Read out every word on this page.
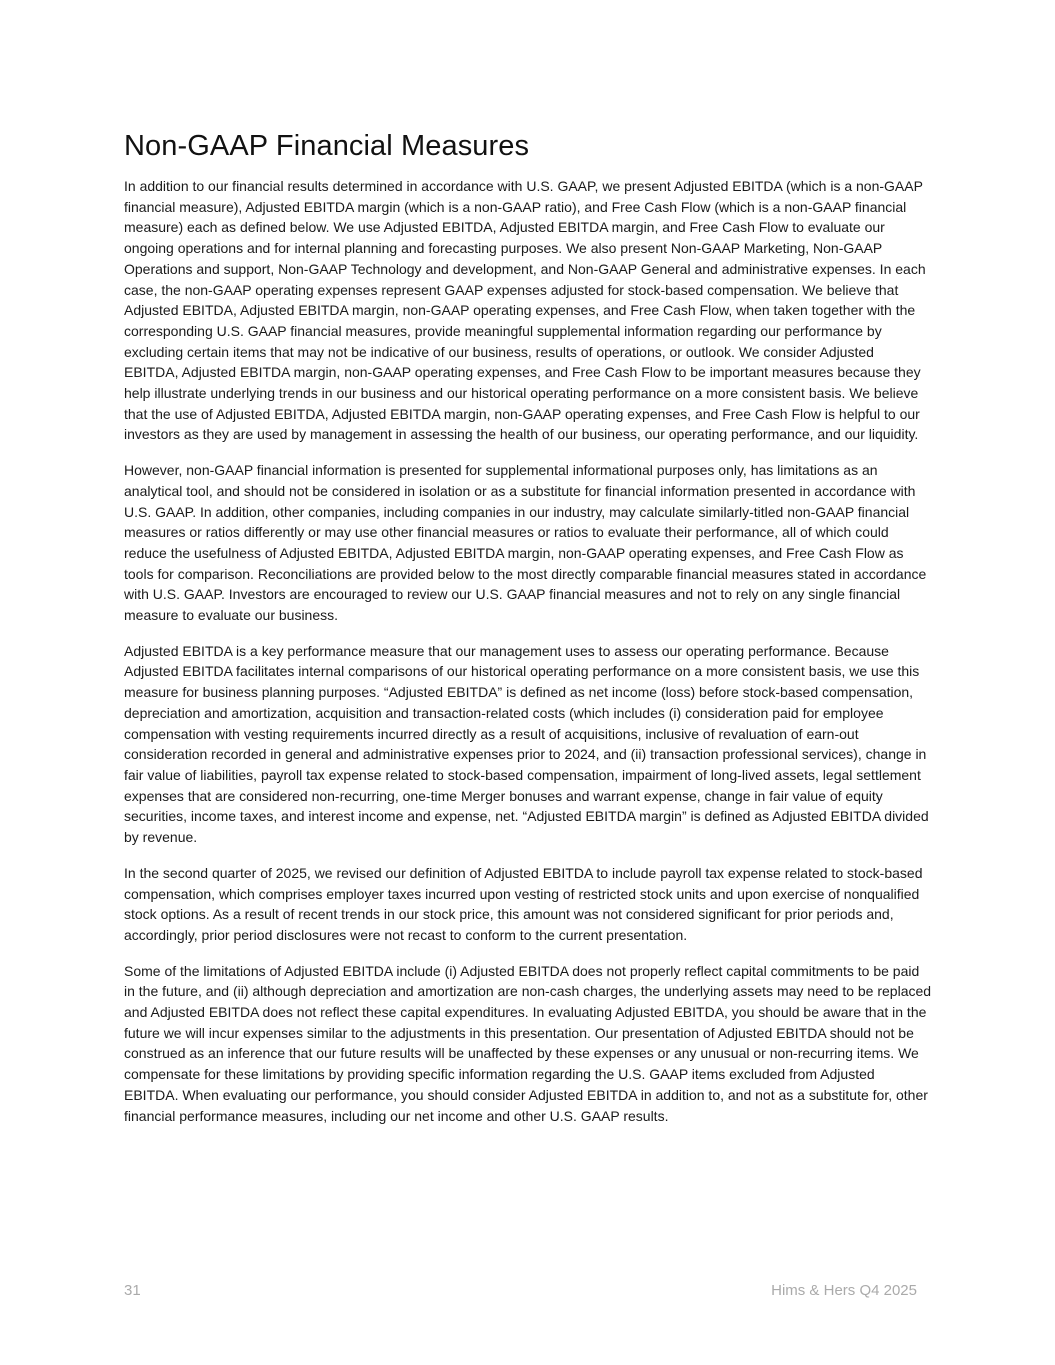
Non-GAAP Financial Measures

In addition to our financial results determined in accordance with U.S. GAAP, we present Adjusted EBITDA (which is a non-GAAP financial measure), Adjusted EBITDA margin (which is a non-GAAP ratio), and Free Cash Flow (which is a non-GAAP financial measure) each as defined below. We use Adjusted EBITDA, Adjusted EBITDA margin, and Free Cash Flow to evaluate our ongoing operations and for internal planning and forecasting purposes. We also present Non-GAAP Marketing, Non-GAAP Operations and support, Non-GAAP Technology and development, and Non-GAAP General and administrative expenses. In each case, the non-GAAP operating expenses represent GAAP expenses adjusted for stock-based compensation. We believe that Adjusted EBITDA, Adjusted EBITDA margin, non-GAAP operating expenses, and Free Cash Flow, when taken together with the corresponding U.S. GAAP financial measures, provide meaningful supplemental information regarding our performance by excluding certain items that may not be indicative of our business, results of operations, or outlook. We consider Adjusted EBITDA, Adjusted EBITDA margin, non-GAAP operating expenses, and Free Cash Flow to be important measures because they help illustrate underlying trends in our business and our historical operating performance on a more consistent basis. We believe that the use of Adjusted EBITDA, Adjusted EBITDA margin, non-GAAP operating expenses, and Free Cash Flow is helpful to our investors as they are used by management in assessing the health of our business, our operating performance, and our liquidity.

However, non-GAAP financial information is presented for supplemental informational purposes only, has limitations as an analytical tool, and should not be considered in isolation or as a substitute for financial information presented in accordance with U.S. GAAP. In addition, other companies, including companies in our industry, may calculate similarly-titled non-GAAP financial measures or ratios differently or may use other financial measures or ratios to evaluate their performance, all of which could reduce the usefulness of Adjusted EBITDA, Adjusted EBITDA margin, non-GAAP operating expenses, and Free Cash Flow as tools for comparison. Reconciliations are provided below to the most directly comparable financial measures stated in accordance with U.S. GAAP. Investors are encouraged to review our U.S. GAAP financial measures and not to rely on any single financial measure to evaluate our business.

Adjusted EBITDA is a key performance measure that our management uses to assess our operating performance. Because Adjusted EBITDA facilitates internal comparisons of our historical operating performance on a more consistent basis, we use this measure for business planning purposes. “Adjusted EBITDA” is defined as net income (loss) before stock-based compensation, depreciation and amortization, acquisition and transaction-related costs (which includes (i) consideration paid for employee compensation with vesting requirements incurred directly as a result of acquisitions, inclusive of revaluation of earn-out consideration recorded in general and administrative expenses prior to 2024, and (ii) transaction professional services), change in fair value of liabilities, payroll tax expense related to stock-based compensation, impairment of long-lived assets, legal settlement expenses that are considered non-recurring, one-time Merger bonuses and warrant expense, change in fair value of equity securities, income taxes, and interest income and expense, net. “Adjusted EBITDA margin” is defined as Adjusted EBITDA divided by revenue.

In the second quarter of 2025, we revised our definition of Adjusted EBITDA to include payroll tax expense related to stock-based compensation, which comprises employer taxes incurred upon vesting of restricted stock units and upon exercise of nonqualified stock options. As a result of recent trends in our stock price, this amount was not considered significant for prior periods and, accordingly, prior period disclosures were not recast to conform to the current presentation.

Some of the limitations of Adjusted EBITDA include (i) Adjusted EBITDA does not properly reflect capital commitments to be paid in the future, and (ii) although depreciation and amortization are non-cash charges, the underlying assets may need to be replaced and Adjusted EBITDA does not reflect these capital expenditures. In evaluating Adjusted EBITDA, you should be aware that in the future we will incur expenses similar to the adjustments in this presentation. Our presentation of Adjusted EBITDA should not be construed as an inference that our future results will be unaffected by these expenses or any unusual or non-recurring items. We compensate for these limitations by providing specific information regarding the U.S. GAAP items excluded from Adjusted EBITDA. When evaluating our performance, you should consider Adjusted EBITDA in addition to, and not as a substitute for, other financial performance measures, including our net income and other U.S. GAAP results.

31	Hims & Hers Q4 2025
